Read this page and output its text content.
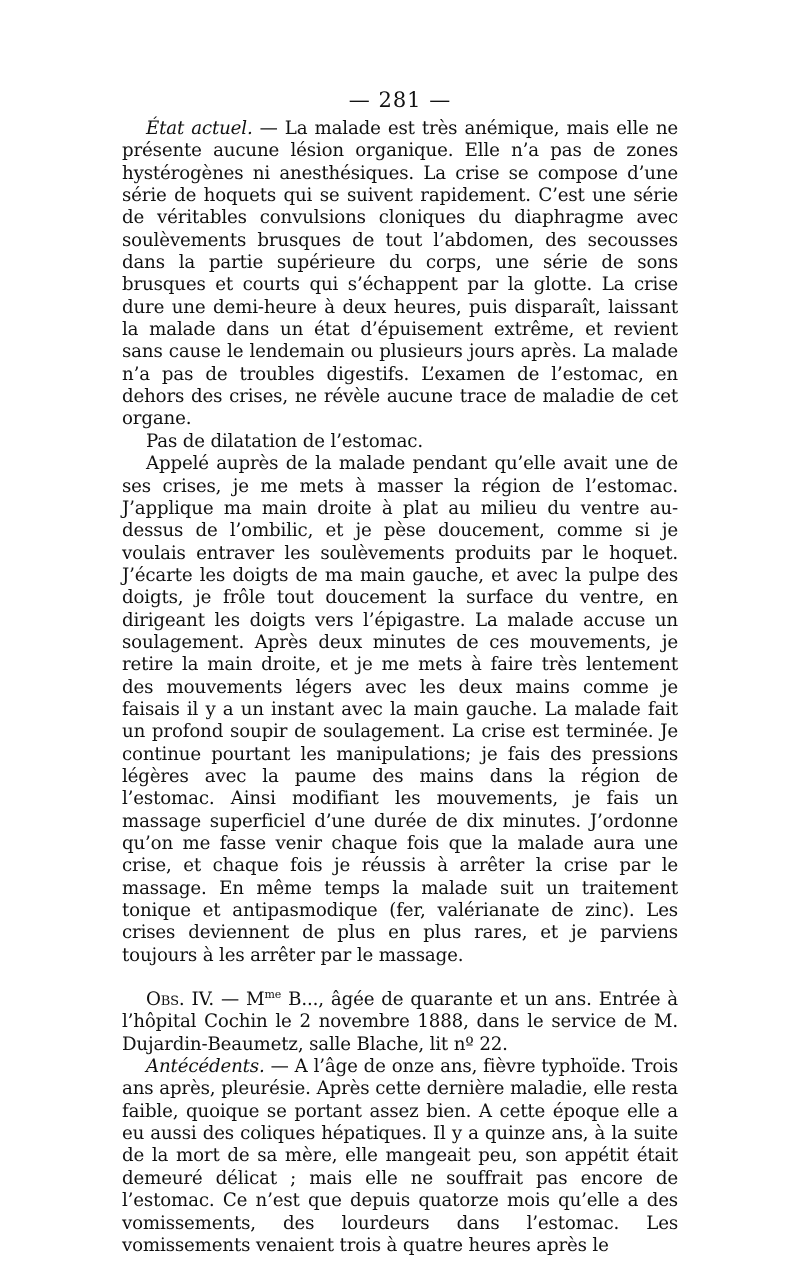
— 281 —

État actuel. — La malade est très anémique, mais elle ne présente aucune lésion organique. Elle n’a pas de zones hystérogènes ni anesthésiques. La crise se compose d’une série de hoquets qui se suivent rapidement. C’est une série de véritables convulsions cloniques du diaphragme avec soulèvements brusques de tout l’abdomen, des secousses dans la partie supérieure du corps, une série de sons brusques et courts qui s’échappent par la glotte. La crise dure une demi-heure à deux heures, puis disparaît, laissant la malade dans un état d’épuisement extrême, et revient sans cause le lendemain ou plusieurs jours après. La malade n’a pas de troubles digestifs. L’examen de l’estomac, en dehors des crises, ne révèle aucune trace de maladie de cet organe.

Pas de dilatation de l’estomac.

Appelé auprès de la malade pendant qu’elle avait une de ses crises, je me mets à masser la région de l’estomac. J’applique ma main droite à plat au milieu du ventre au-dessus de l’ombilic, et je pèse doucement, comme si je voulais entraver les soulèvements produits par le hoquet. J’écarte les doigts de ma main gauche, et avec la pulpe des doigts, je frôle tout doucement la surface du ventre, en dirigeant les doigts vers l’épigastre. La malade accuse un soulagement. Après deux minutes de ces mouvements, je retire la main droite, et je me mets à faire très lentement des mouvements légers avec les deux mains comme je faisais il y a un instant avec la main gauche. La malade fait un profond soupir de soulagement. La crise est terminée. Je continue pourtant les manipulations; je fais des pressions légères avec la paume des mains dans la région de l’estomac. Ainsi modifiant les mouvements, je fais un massage superficiel d’une durée de dix minutes. J’ordonne qu’on me fasse venir chaque fois que la malade aura une crise, et chaque fois je réussis à arrêter la crise par le massage. En même temps la malade suit un traitement tonique et antipasmodique (fer, valérianate de zinc). Les crises deviennent de plus en plus rares, et je parviens toujours à les arrêter par le massage.

Obs. IV. — $M^{me}$ B..., âgée de quarante et un ans. Entrée à l’hôpital Cochin le 2 novembre 1888, dans le service de M. Dujardin-Beaumetz, salle Blache, lit nº 22.

Antécédents. — A l’âge de onze ans, fièvre typhoïde. Trois ans après, pleurésie. Après cette dernière maladie, elle resta faible, quoique se portant assez bien. A cette époque elle a eu aussi des coliques hépatiques. Il y a quinze ans, à la suite de la mort de sa mère, elle mangeait peu, son appétit était demeuré délicat ; mais elle ne souffrait pas encore de l’estomac. Ce n’est que depuis quatorze mois qu’elle a des vomissements, des lourdeurs dans l’estomac. Les vomissements venaient trois à quatre heures après le
